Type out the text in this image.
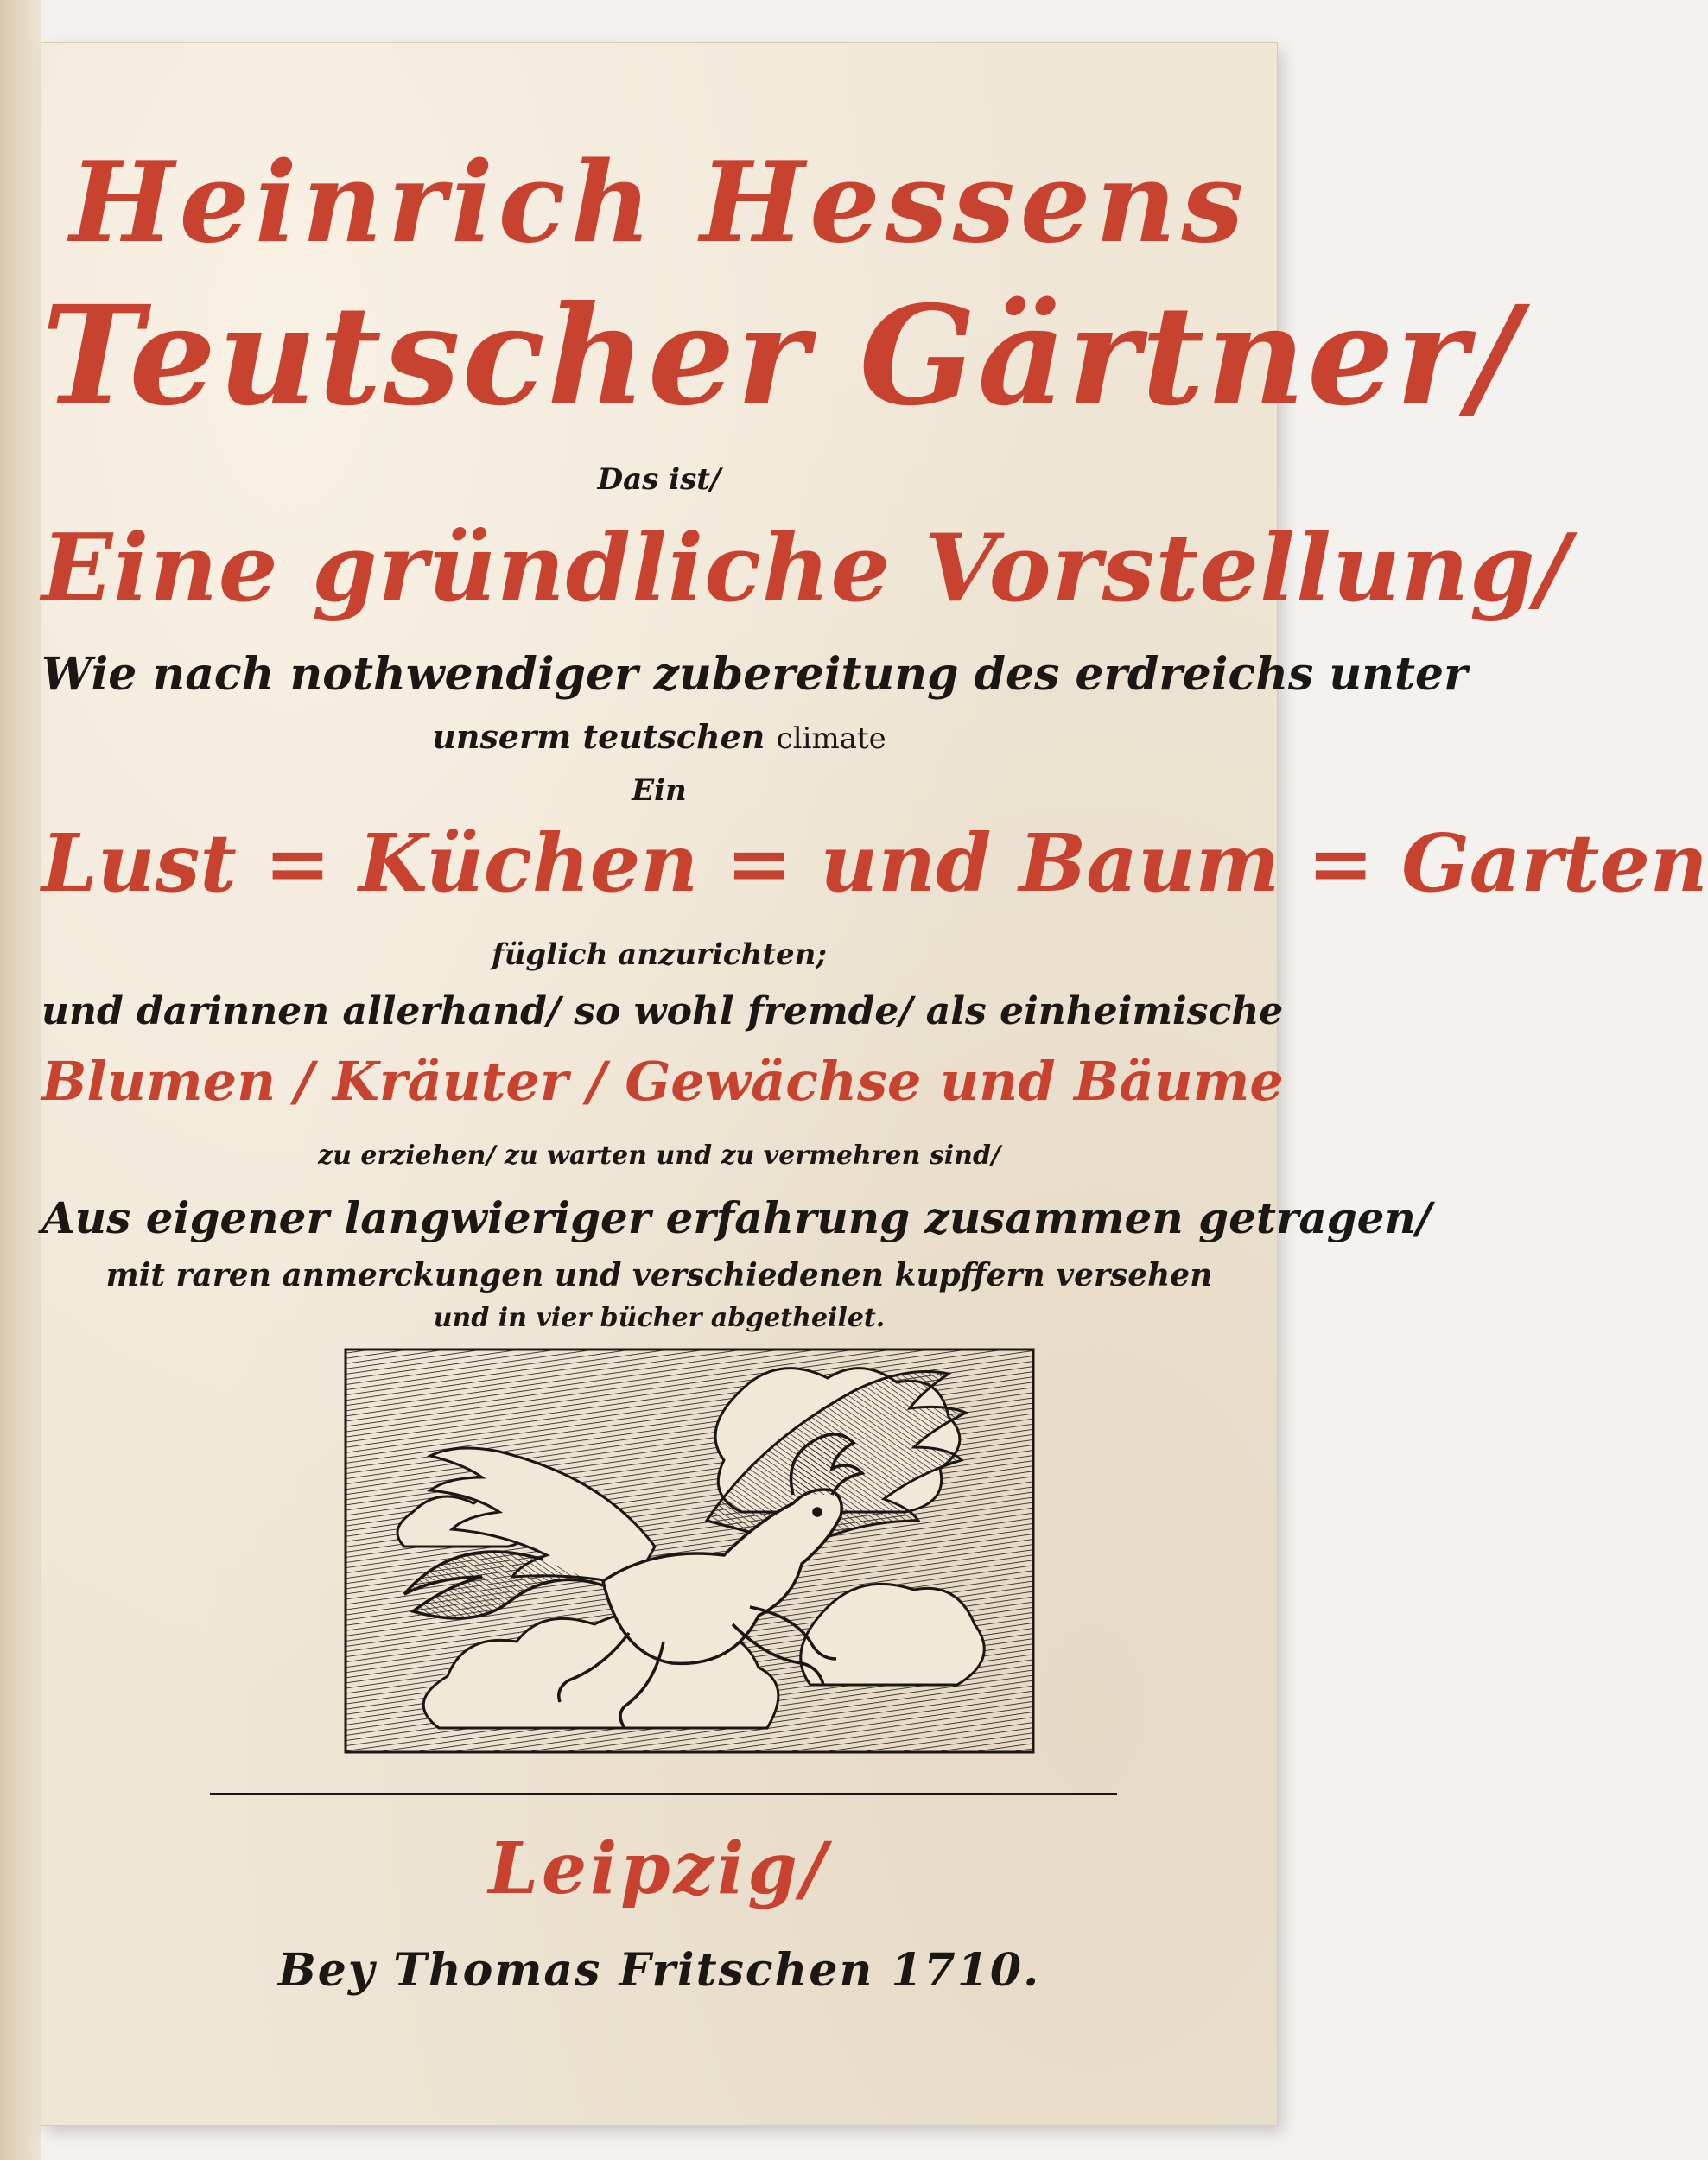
Heinrich Hessens
Teutscher Gärtner/
Das ist/
Eine gründliche Vorstellung/
Wie nach nothwendiger zubereitung des erdreichs unter
unserm teutschen climate
Ein
Lust = Küchen = und Baum = Garten
füglich anzurichten;
und darinnen allerhand/ so wohl fremde/ als einheimische
Blumen / Kräuter / Gewächse und Bäume
zu erziehen/ zu warten und zu vermehren sind/
Aus eigener langwieriger erfahrung zusammen getragen/
mit raren anmerckungen und verschiedenen kupffern versehen
und in vier bücher abgetheilet.
Leipzig/
Bey Thomas Fritschen 1710.
